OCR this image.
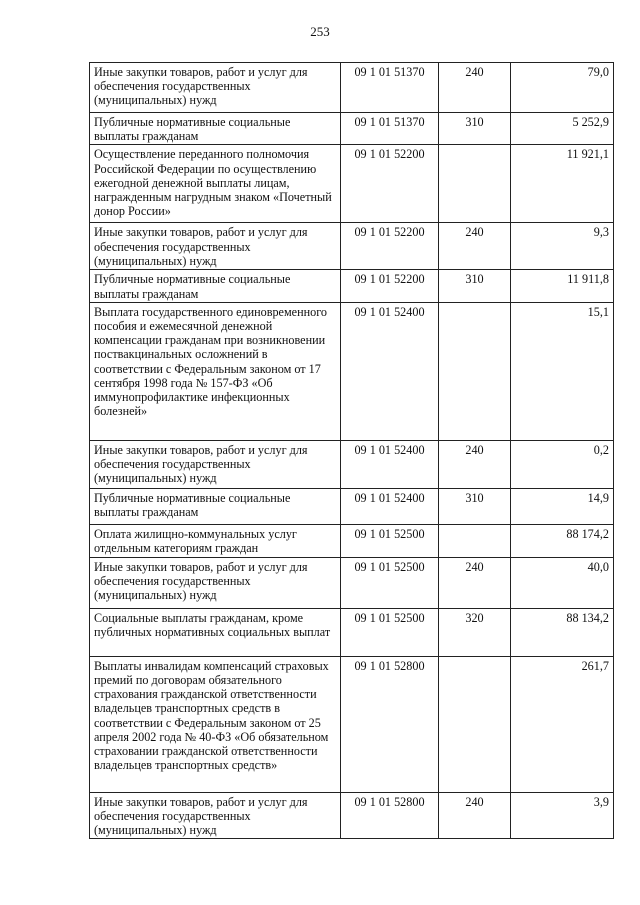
253
Иные закупки товаров, работ и услуг для обеспечения государственных (муниципальных) нужд	09 1 01 51370	240	79,0
Публичные нормативные социальные выплаты гражданам	09 1 01 51370	310	5 252,9
Осуществление переданного полномочия Российской Федерации по осуществлению ежегодной денежной выплаты лицам, награжденным нагрудным знаком «Почетный донор России»	09 1 01 52200		11 921,1
Иные закупки товаров, работ и услуг для обеспечения государственных (муниципальных) нужд	09 1 01 52200	240	9,3
Публичные нормативные социальные выплаты гражданам	09 1 01 52200	310	11 911,8
Выплата государственного единовременного пособия и ежемесячной денежной компенсации гражданам при возникновении поствакцинальных осложнений в соответствии с Федеральным законом от 17 сентября 1998 года № 157-ФЗ «Об иммунопрофилактике инфекционных болезней»	09 1 01 52400		15,1
Иные закупки товаров, работ и услуг для обеспечения государственных (муниципальных) нужд	09 1 01 52400	240	0,2
Публичные нормативные социальные выплаты гражданам	09 1 01 52400	310	14,9
Оплата жилищно-коммунальных услуг отдельным категориям граждан	09 1 01 52500		88 174,2
Иные закупки товаров, работ и услуг для обеспечения государственных (муниципальных) нужд	09 1 01 52500	240	40,0
Социальные выплаты гражданам, кроме публичных нормативных социальных выплат	09 1 01 52500	320	88 134,2
Выплаты инвалидам компенсаций страховых премий по договорам обязательного страхования гражданской ответственности владельцев транспортных средств в соответствии с Федеральным законом от 25 апреля 2002 года № 40-ФЗ «Об обязательном страховании гражданской ответственности владельцев транспортных средств»	09 1 01 52800		261,7
Иные закупки товаров, работ и услуг для обеспечения государственных (муниципальных) нужд	09 1 01 52800	240	3,9
